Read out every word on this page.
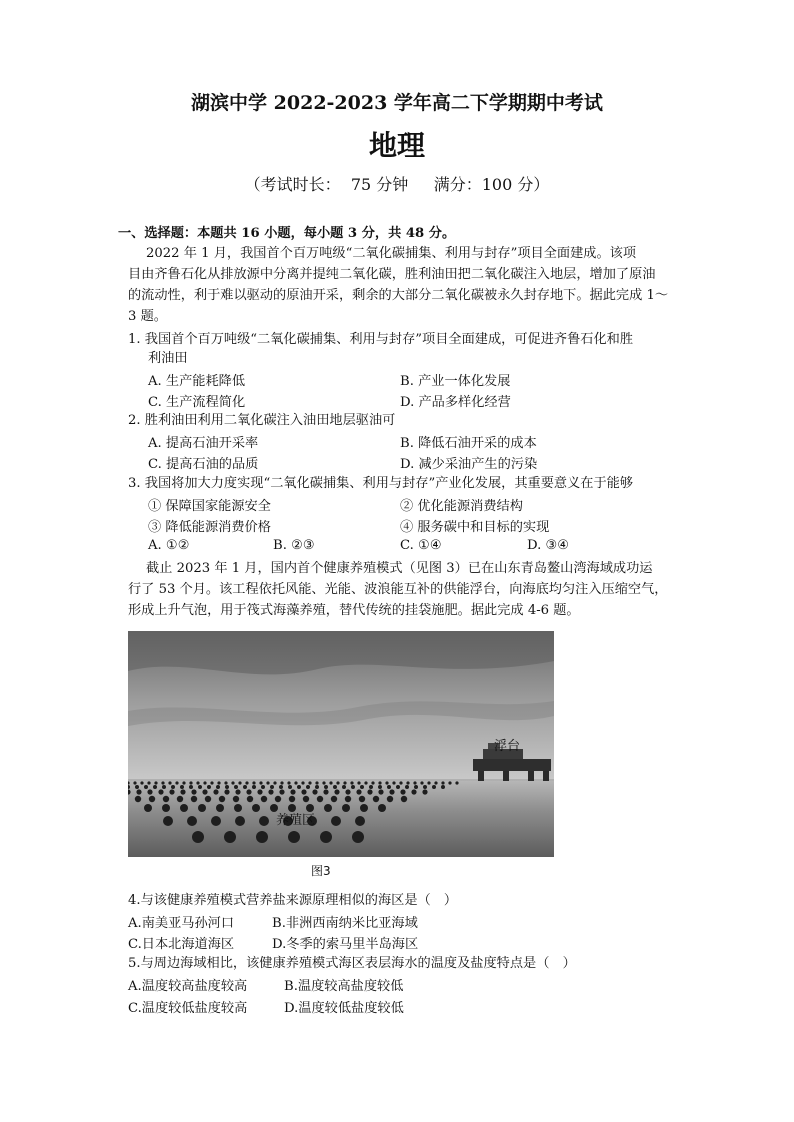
湖滨中学 2022-2023 学年高二下学期期中考试
地理
（考试时长： 75 分钟 满分：100 分）
一、选择题：本题共 16 小题，每小题 3 分，共 48 分。
2022 年 1 月，我国首个百万吨级“二氧化碳捕集、利用与封存”项目全面建成。该项
目由齐鲁石化从排放源中分离并提纯二氧化碳，胜利油田把二氧化碳注入地层，增加了原油
的流动性，利于难以驱动的原油开采，剩余的大部分二氧化碳被永久封存地下。据此完成 1～
3 题。
1. 我国首个百万吨级“二氧化碳捕集、利用与封存”项目全面建成，可促进齐鲁石化和胜
利油田
A. 生产能耗降低	B. 产业一体化发展
C. 生产流程简化	D. 产品多样化经营
2. 胜利油田利用二氧化碳注入油田地层驱油可
A. 提高石油开采率	B. 降低石油开采的成本
C. 提高石油的品质	D. 减少采油产生的污染
3. 我国将加大力度实现“二氧化碳捕集、利用与封存”产业化发展，其重要意义在于能够
① 保障国家能源安全	② 优化能源消费结构
③ 降低能源消费价格	④ 服务碳中和目标的实现
A. ①②	B. ②③	C. ①④	D. ③④
截止 2023 年 1 月，国内首个健康养殖模式（见图 3）已在山东青岛鳌山湾海域成功运
行了 53 个月。该工程依托风能、光能、波浪能互补的供能浮台，向海底均匀注入压缩空气，
形成上升气泡，用于筏式海藻养殖，替代传统的挂袋施肥。据此完成 4-6 题。
浮台
养殖区
图3
4.与该健康养殖模式营养盐来源原理相似的海区是（　）
A.南美亚马孙河口	B.非洲西南纳米比亚海域
C.日本北海道海区	D.冬季的索马里半岛海区
5.与周边海域相比，该健康养殖模式海区表层海水的温度及盐度特点是（　）
A.温度较高盐度较高	B.温度较高盐度较低
C.温度较低盐度较高	D.温度较低盐度较低
